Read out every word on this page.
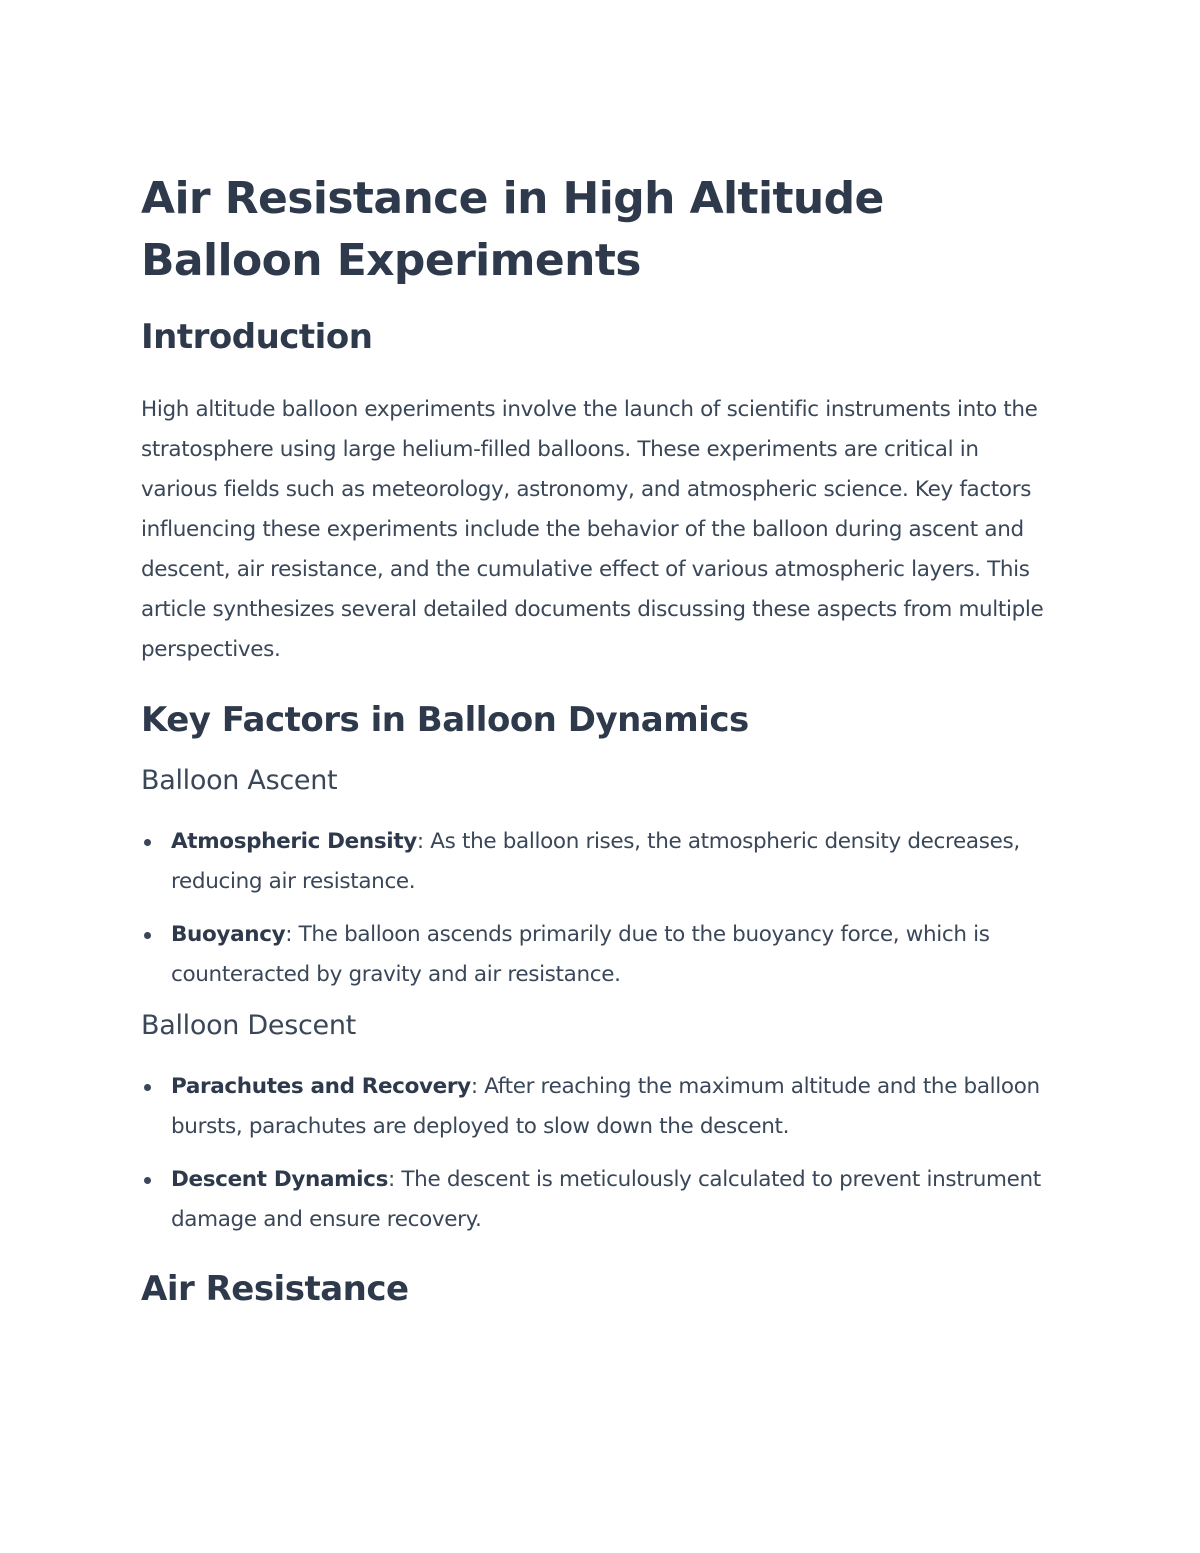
Air Resistance in High Altitude Balloon Experiments
Introduction

High altitude balloon experiments involve the launch of scientific instruments into the stratosphere using large helium-filled balloons. These experiments are critical in various fields such as meteorology, astronomy, and atmospheric science. Key factors influencing these experiments include the behavior of the balloon during ascent and descent, air resistance, and the cumulative effect of various atmospheric layers. This article synthesizes several detailed documents discussing these aspects from multiple perspectives.

Key Factors in Balloon Dynamics
Balloon Ascent
Atmospheric Density: As the balloon rises, the atmospheric density decreases, reducing air resistance.
Buoyancy: The balloon ascends primarily due to the buoyancy force, which is counteracted by gravity and air resistance.
Balloon Descent
Parachutes and Recovery: After reaching the maximum altitude and the balloon bursts, parachutes are deployed to slow down the descent.
Descent Dynamics: The descent is meticulously calculated to prevent instrument damage and ensure recovery.
Air Resistance
